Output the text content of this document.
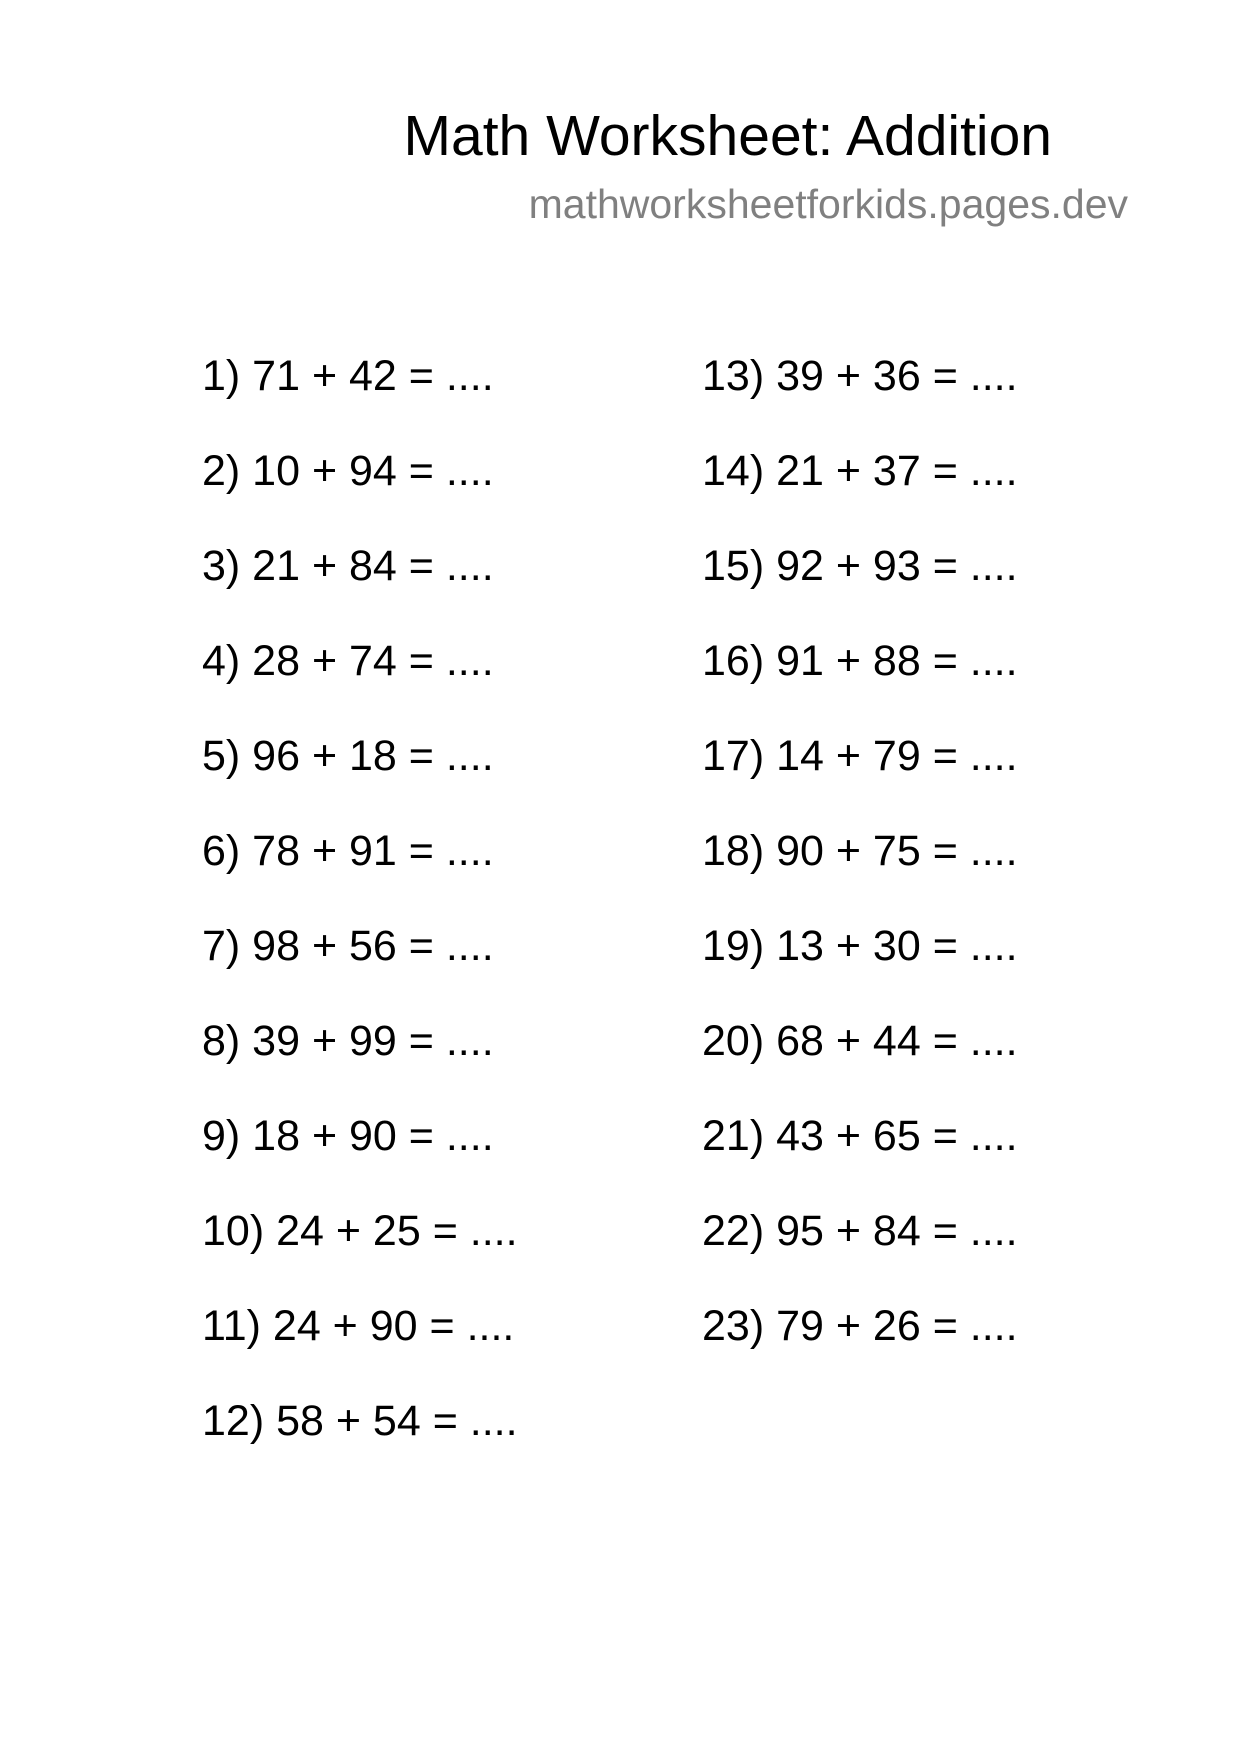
Math Worksheet: Addition
mathworksheetforkids.pages.dev
1) 71 + 42 = ....
2) 10 + 94 = ....
3) 21 + 84 = ....
4) 28 + 74 = ....
5) 96 + 18 = ....
6) 78 + 91 = ....
7) 98 + 56 = ....
8) 39 + 99 = ....
9) 18 + 90 = ....
10) 24 + 25 = ....
11) 24 + 90 = ....
12) 58 + 54 = ....
13) 39 + 36 = ....
14) 21 + 37 = ....
15) 92 + 93 = ....
16) 91 + 88 = ....
17) 14 + 79 = ....
18) 90 + 75 = ....
19) 13 + 30 = ....
20) 68 + 44 = ....
21) 43 + 65 = ....
22) 95 + 84 = ....
23) 79 + 26 = ....
